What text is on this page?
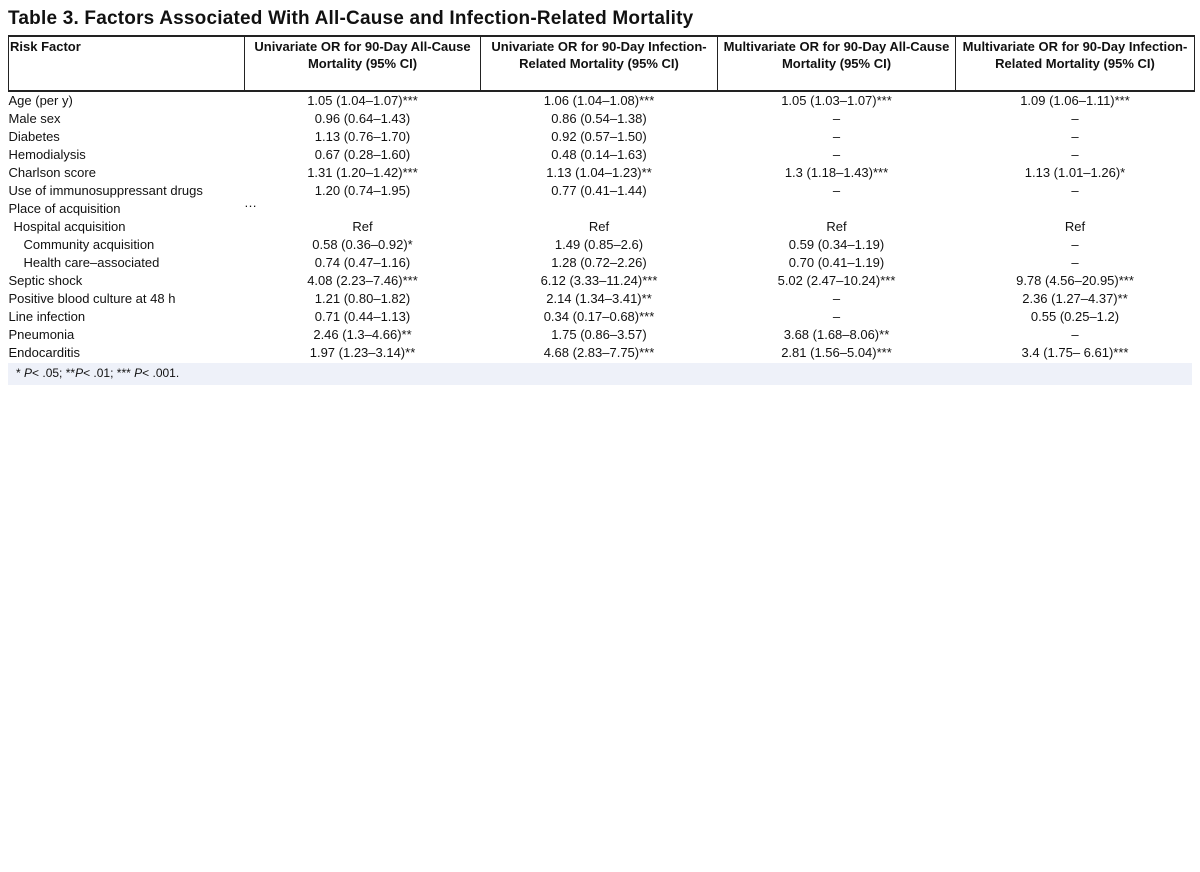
Table 3. Factors Associated With All-Cause and Infection-Related Mortality
Risk Factor	Univariate OR for 90-Day All-Cause Mortality (95% CI)	Univariate OR for 90-Day Infection-Related Mortality (95% CI)	Multivariate OR for 90-Day All-Cause Mortality (95% CI)	Multivariate OR for 90-Day Infection-Related Mortality (95% CI)
Age (per y)	1.05 (1.04–1.07)***	1.06 (1.04–1.08)***	1.05 (1.03–1.07)***	1.09 (1.06–1.11)***
Male sex	0.96 (0.64–1.43)	0.86 (0.54–1.38)	–	–
Diabetes	1.13 (0.76–1.70)	0.92 (0.57–1.50)	–	–
Hemodialysis	0.67 (0.28–1.60)	0.48 (0.14–1.63)	–	–
Charlson score	1.31 (1.20–1.42)***	1.13 (1.04–1.23)**	1.3 (1.18–1.43)***	1.13 (1.01–1.26)*
Use of immunosuppressant drugs	1.20 (0.74–1.95)	0.77 (0.41–1.44)	–	–
Place of acquisition				
Hospital acquisition	Ref	Ref	Ref	Ref
Community acquisition	0.58 (0.36–0.92)*	1.49 (0.85–2.6)	0.59 (0.34–1.19)	–
Health care–associated	0.74 (0.47–1.16)	1.28 (0.72–2.26)	0.70 (0.41–1.19)	–
Septic shock	4.08 (2.23–7.46)***	6.12 (3.33–11.24)***	5.02 (2.47–10.24)***	9.78 (4.56–20.95)***
Positive blood culture at 48 h	1.21 (0.80–1.82)	2.14 (1.34–3.41)**	–	2.36 (1.27–4.37)**
Line infection	0.71 (0.44–1.13)	0.34 (0.17–0.68)***	–	0.55 (0.25–1.2)
Pneumonia	2.46 (1.3–4.66)**	1.75 (0.86–3.57)	3.68 (1.68–8.06)**	–
Endocarditis	1.97 (1.23–3.14)**	4.68 (2.83–7.75)***	2.81 (1.56–5.04)***	3.4 (1.75– 6.61)***
* P< .05; **P< .01; *** P< .001.
…
